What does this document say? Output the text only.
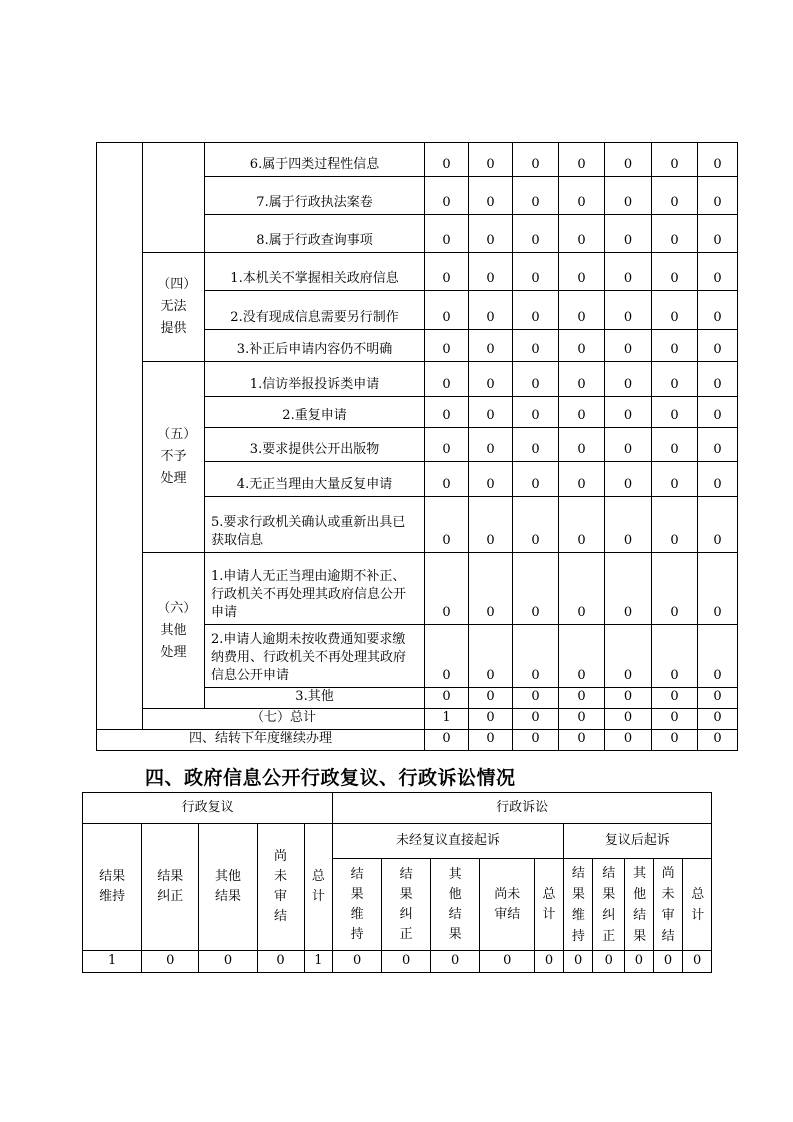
		6.属于四类过程性信息	0	0	0	0	0	0	0
		7.属于行政执法案卷	0	0	0	0	0	0	0
		8.属于行政查询事项	0	0	0	0	0	0	0
	（四）无法提供	1.本机关不掌握相关政府信息	0	0	0	0	0	0	0
		2.没有现成信息需要另行制作	0	0	0	0	0	0	0
		3.补正后申请内容仍不明确	0	0	0	0	0	0	0
	（五）不予处理	1.信访举报投诉类申请	0	0	0	0	0	0	0
		2.重复申请	0	0	0	0	0	0	0
		3.要求提供公开出版物	0	0	0	0	0	0	0
		4.无正当理由大量反复申请	0	0	0	0	0	0	0
		5.要求行政机关确认或重新出具已获取信息	0	0	0	0	0	0	0
	（六）其他处理	1.申请人无正当理由逾期不补正、行政机关不再处理其政府信息公开申请	0	0	0	0	0	0	0
		2.申请人逾期未按收费通知要求缴纳费用、行政机关不再处理其政府信息公开申请	0	0	0	0	0	0	0
		3.其他	0	0	0	0	0	0	0
	（七）总计		1	0	0	0	0	0	0
四、结转下年度继续办理			0	0	0	0	0	0	0
四、政府信息公开行政复议、行政诉讼情况
行政复议					行政诉讼									
结果维持	结果纠正	其他结果	尚未审结	总计	未经复议直接起诉					复议后起诉				
					结果维持	结果纠正	其他结果	尚未审结	总计	结果维持	结果纠正	其他结果	尚未审结	总计
1	0	0	0	1	0	0	0	0	0	0	0	0	0	0
